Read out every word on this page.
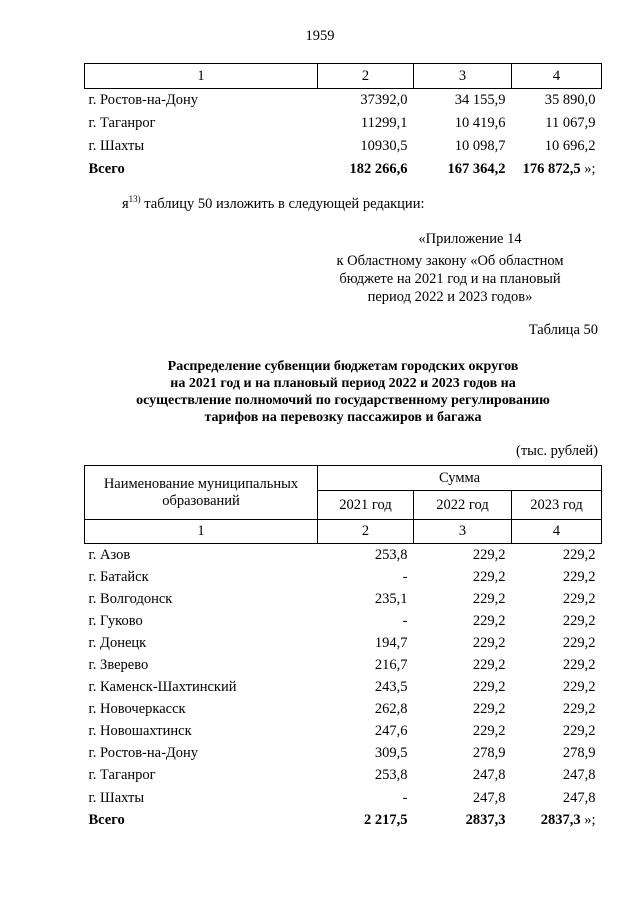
1959
1	2	3	4
г. Ростов-на-Дону	37392,0	34 155,9	35 890,0
г. Таганрог	11299,1	10 419,6	11 067,9
г. Шахты	10930,5	10 098,7	10 696,2
Всего	182 266,6	167 364,2	176 872,5 »;
$я^{13)}$ таблицу 50 изложить в следующей редакции:
«Приложение 14
к Областному закону «Об областном
бюджете на 2021 год и на плановый
период 2022 и 2023 годов»
Таблица 50
Распределение субвенции бюджетам городских округов
на 2021 год и на плановый период 2022 и 2023 годов на
осуществление полномочий по государственному регулированию
тарифов на перевозку пассажиров и багажа
(тыс. рублей)
Наименование муниципальных образований	Сумма		
	2021 год	2022 год	2023 год
1	2	3	4
г. Азов	253,8	229,2	229,2
г. Батайск	-	229,2	229,2
г. Волгодонск	235,1	229,2	229,2
г. Гуково	-	229,2	229,2
г. Донецк	194,7	229,2	229,2
г. Зверево	216,7	229,2	229,2
г. Каменск-Шахтинский	243,5	229,2	229,2
г. Новочеркасск	262,8	229,2	229,2
г. Новошахтинск	247,6	229,2	229,2
г. Ростов-на-Дону	309,5	278,9	278,9
г. Таганрог	253,8	247,8	247,8
г. Шахты	-	247,8	247,8
Всего	2 217,5	2837,3	2837,3 »;
